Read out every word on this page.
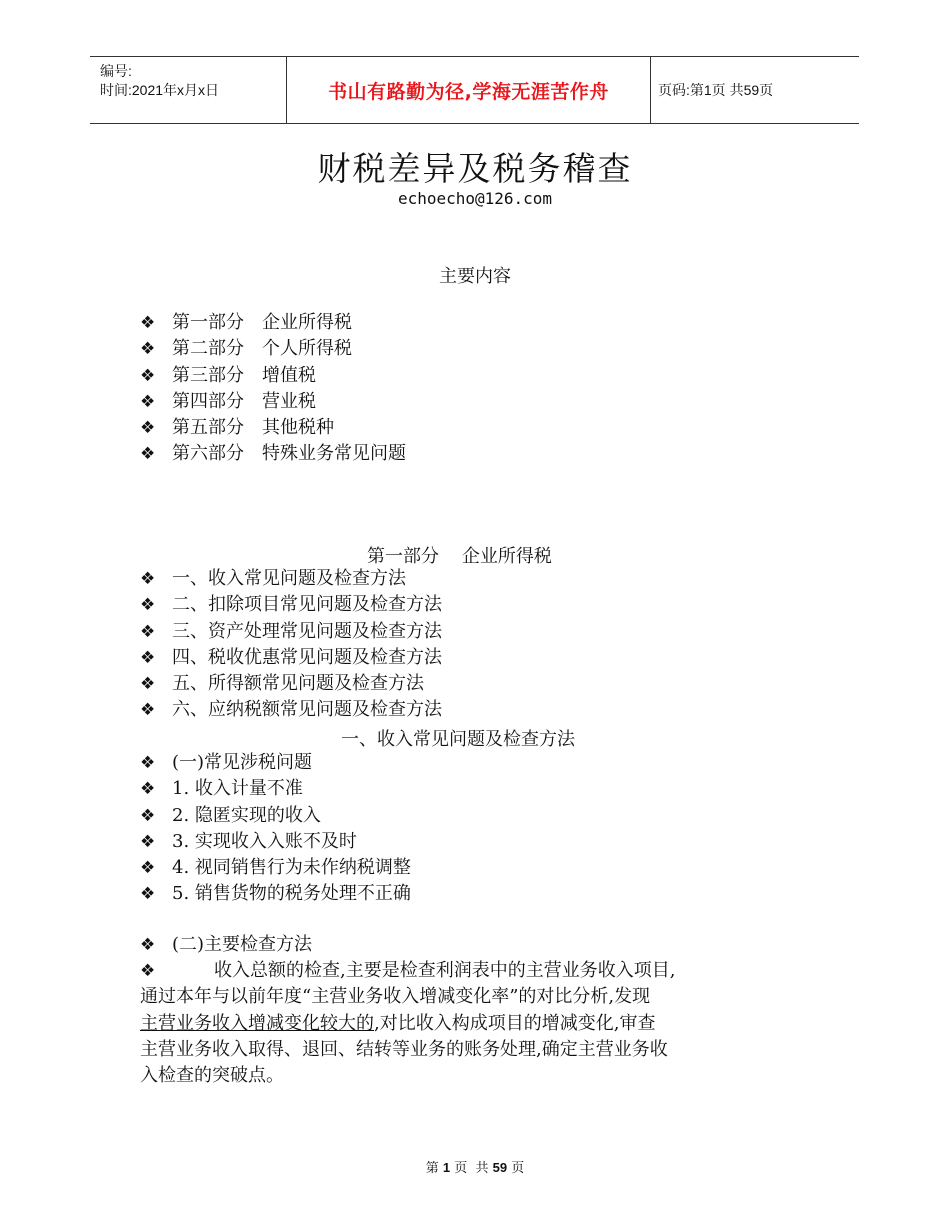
编号:
时间:2021年x月x日	书山有路勤为径,学海无涯苦作舟	页码:第1页 共59页
财税差异及税务稽查
echoecho@126.com
主要内容
❖ 第一部分 企业所得税
❖ 第二部分 个人所得税
❖ 第三部分 增值税
❖ 第四部分 营业税
❖ 第五部分 其他税种
❖ 第六部分 特殊业务常见问题
第一部分    企业所得税
❖ 一、收入常见问题及检查方法
❖ 二、扣除项目常见问题及检查方法
❖ 三、资产处理常见问题及检查方法
❖ 四、税收优惠常见问题及检查方法
❖ 五、所得额常见问题及检查方法
❖ 六、应纳税额常见问题及检查方法
一、收入常见问题及检查方法
❖ (一)常见涉税问题
❖ 1. 收入计量不准
❖ 2. 隐匿实现的收入
❖ 3. 实现收入入账不及时
❖ 4. 视同销售行为未作纳税调整
❖ 5. 销售货物的税务处理不正确
❖ (二)主要检查方法
❖	收入总额的检查,主要是检查利润表中的主营业务收入项目,
通过本年与以前年度“主营业务收入增减变化率”的对比分析,发现
主营业务收入增减变化较大的,对比收入构成项目的增减变化,审查
主营业务收入取得、退回、结转等业务的账务处理,确定主营业务收
入检查的突破点。
第 1 页  共 59 页
